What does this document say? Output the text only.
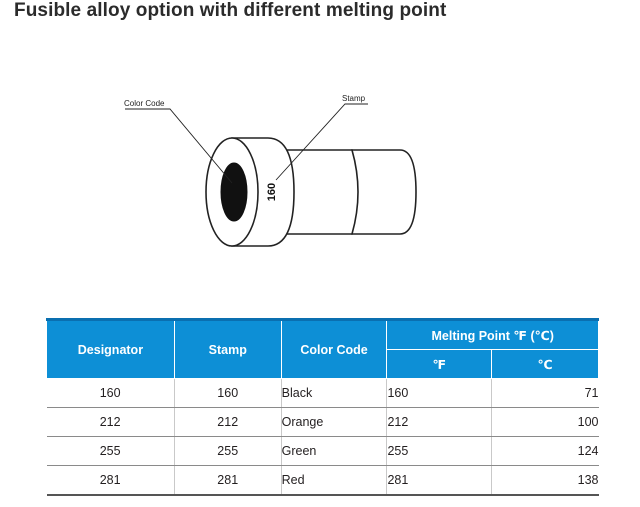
Fusible alloy option with different melting point
160
Color Code
Stamp
Designator	Stamp	Color Code	Melting Point ℉ (℃)	
			℉	℃
160	160	Black	160	71
212	212	Orange	212	100
255	255	Green	255	124
281	281	Red	281	138
